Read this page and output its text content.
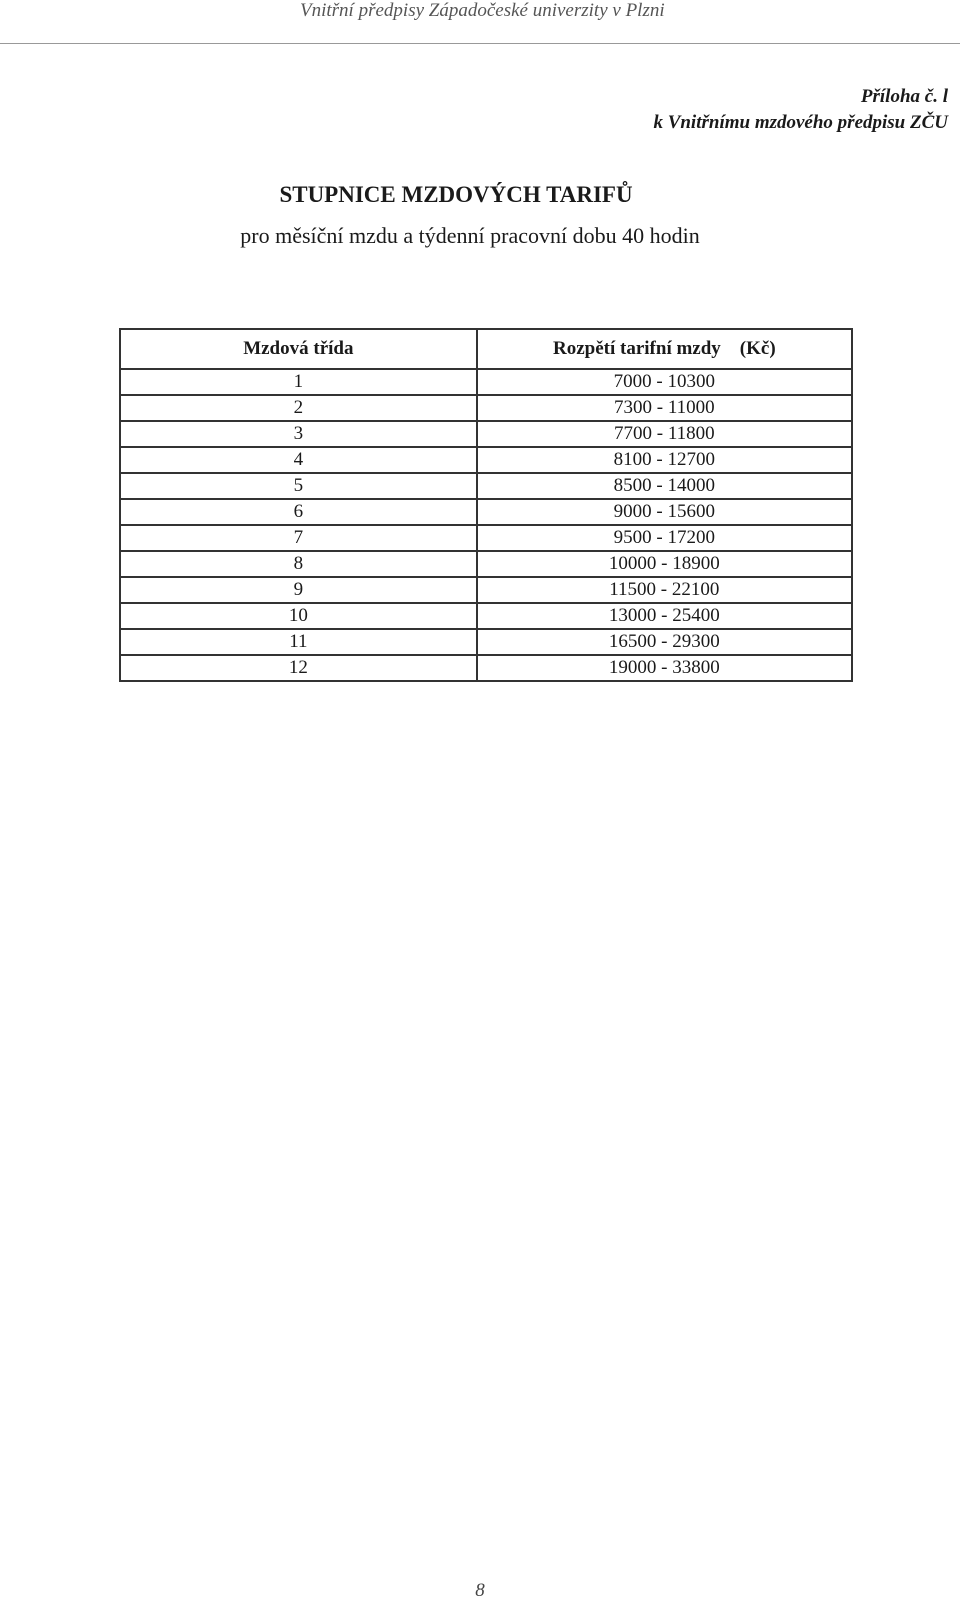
Vnitřní předpisy Západočeské univerzity v Plzni
Příloha č. l
k Vnitřnímu mzdového předpisu ZČU
STUPNICE MZDOVÝCH TARIFŮ
pro měsíční mzdu a týdenní pracovní dobu 40 hodin
Mzdová třída	Rozpětí tarifní mzdy    (Kč)
1	7000 - 10300
2	7300 - 11000
3	7700 - 11800
4	8100 - 12700
5	8500 - 14000
6	9000 - 15600
7	9500 - 17200
8	10000 - 18900
9	11500 - 22100
10	13000 - 25400
11	16500 - 29300
12	19000 - 33800
8
